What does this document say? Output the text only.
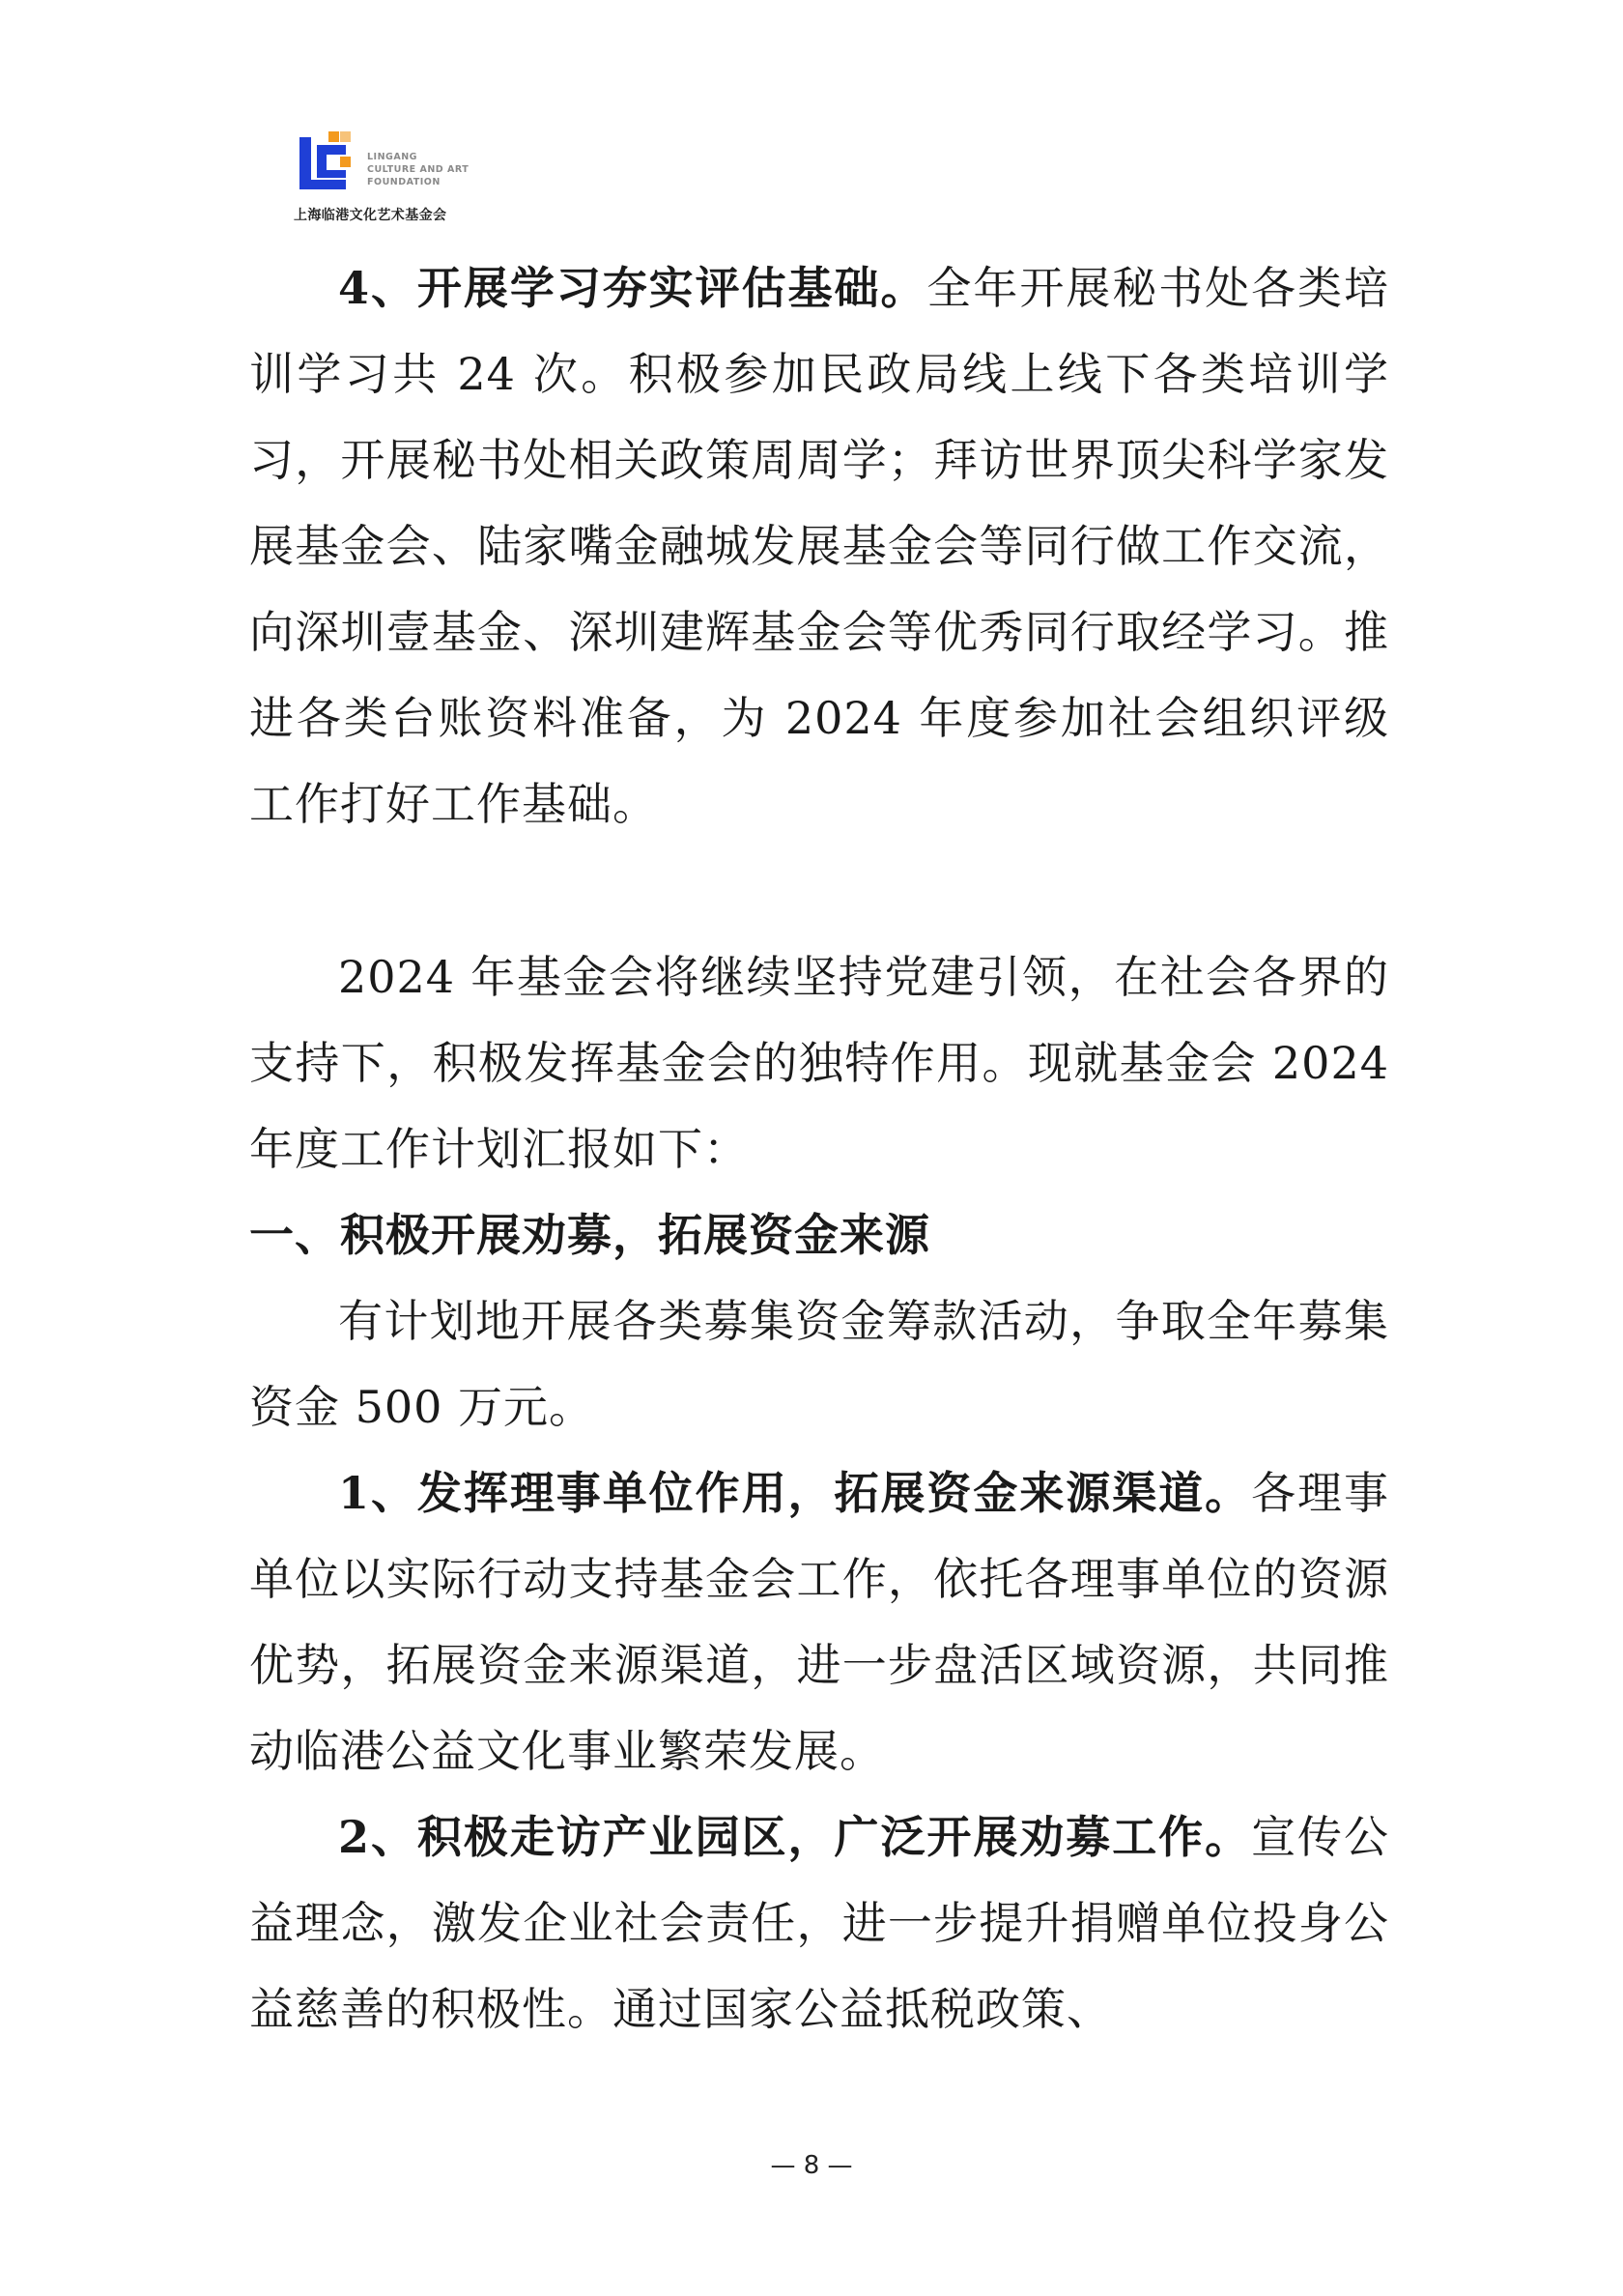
LINGANG
CULTURE AND ART
FOUNDATION
上海临港文化艺术基金会

4、开展学习夯实评估基础。全年开展秘书处各类培训学习共 24 次。积极参加民政局线上线下各类培训学习，开展秘书处相关政策周周学；拜访世界顶尖科学家发展基金会、陆家嘴金融城发展基金会等同行做工作交流，向深圳壹基金、深圳建辉基金会等优秀同行取经学习。推进各类台账资料准备，为 2024 年度参加社会组织评级工作打好工作基础。

2024 年基金会将继续坚持党建引领，在社会各界的支持下，积极发挥基金会的独特作用。现就基金会 2024 年度工作计划汇报如下：

一、积极开展劝募，拓展资金来源

有计划地开展各类募集资金筹款活动，争取全年募集资金 500 万元。

1、发挥理事单位作用，拓展资金来源渠道。各理事单位以实际行动支持基金会工作，依托各理事单位的资源优势，拓展资金来源渠道，进一步盘活区域资源，共同推动临港公益文化事业繁荣发展。

2、积极走访产业园区，广泛开展劝募工作。宣传公益理念，激发企业社会责任，进一步提升捐赠单位投身公益慈善的积极性。通过国家公益抵税政策、

— 8 —
